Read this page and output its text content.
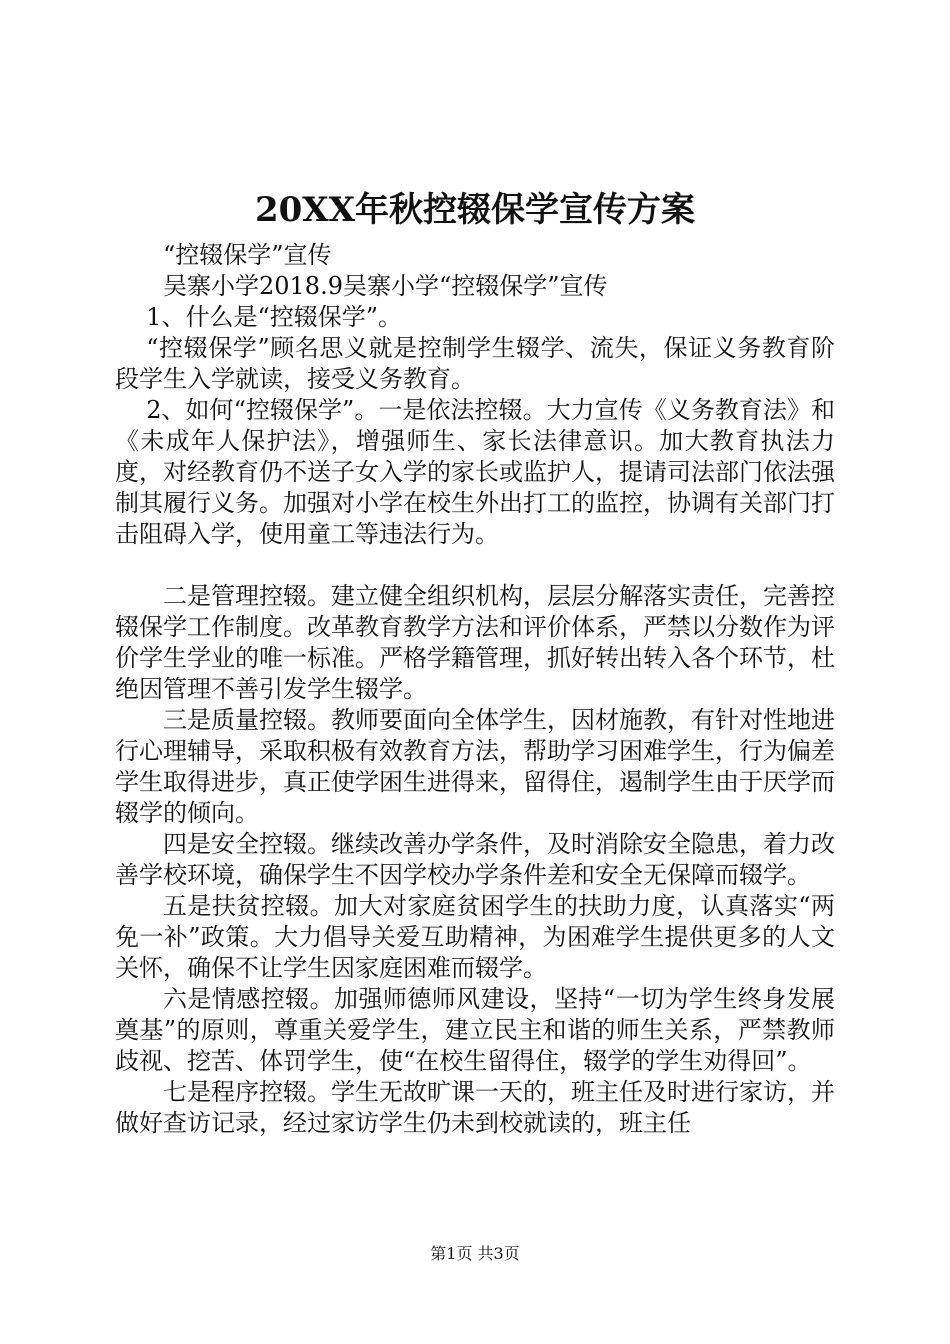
20XX年秋控辍保学宣传方案

“控辍保学”宣传

吴寨小学2018.9吴寨小学“控辍保学”宣传

1、什么是“控辍保学”。

“控辍保学”顾名思义就是控制学生辍学、流失，保证义务教育阶段学生入学就读，接受义务教育。

2、如何“控辍保学”。一是依法控辍。大力宣传《义务教育法》和《未成年人保护法》，增强师生、家长法律意识。加大教育执法力度，对经教育仍不送子女入学的家长或监护人，提请司法部门依法强制其履行义务。加强对小学在校生外出打工的监控，协调有关部门打击阻碍入学，使用童工等违法行为。

二是管理控辍。建立健全组织机构，层层分解落实责任，完善控辍保学工作制度。改革教育教学方法和评价体系，严禁以分数作为评价学生学业的唯一标准。严格学籍管理，抓好转出转入各个环节，杜绝因管理不善引发学生辍学。

三是质量控辍。教师要面向全体学生，因材施教，有针对性地进行心理辅导，采取积极有效教育方法，帮助学习困难学生，行为偏差学生取得进步，真正使学困生进得来，留得住，遏制学生由于厌学而辍学的倾向。

四是安全控辍。继续改善办学条件，及时消除安全隐患，着力改善学校环境，确保学生不因学校办学条件差和安全无保障而辍学。

五是扶贫控辍。加大对家庭贫困学生的扶助力度，认真落实“两免一补”政策。大力倡导关爱互助精神，为困难学生提供更多的人文关怀，确保不让学生因家庭困难而辍学。

六是情感控辍。加强师德师风建设，坚持“一切为学生终身发展奠基”的原则，尊重关爱学生，建立民主和谐的师生关系，严禁教师歧视、挖苦、体罚学生，使“在校生留得住，辍学的学生劝得回”。

七是程序控辍。学生无故旷课一天的，班主任及时进行家访，并做好查访记录，经过家访学生仍未到校就读的，班主任

第1页 共3页
